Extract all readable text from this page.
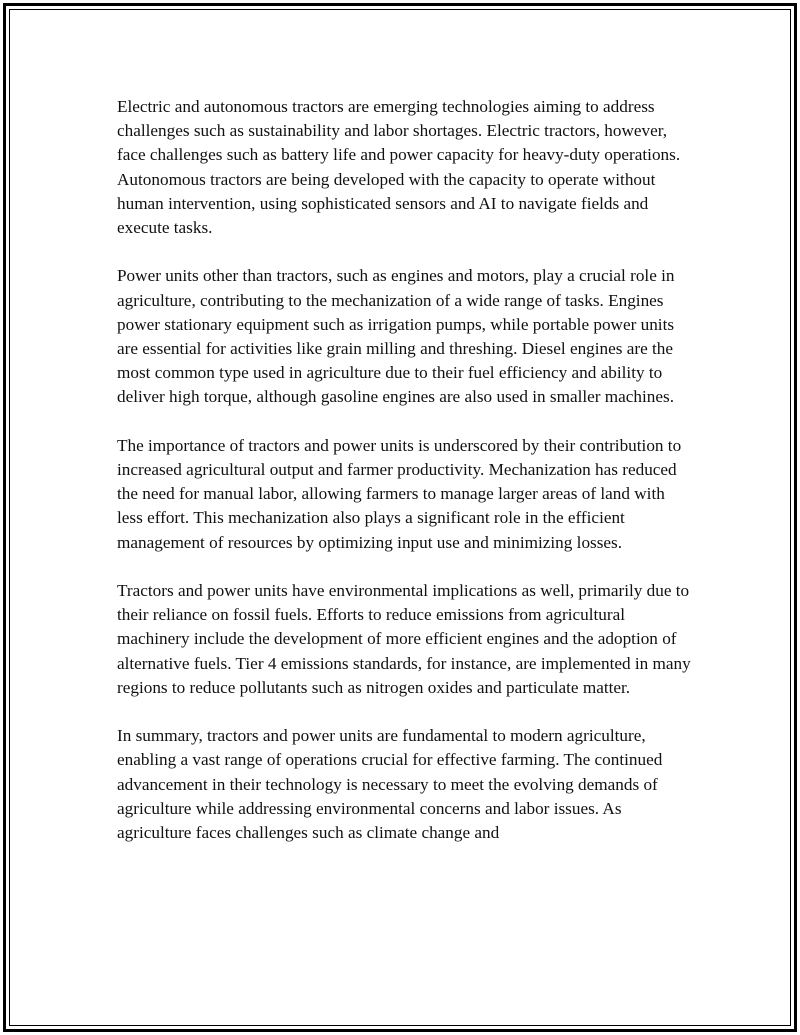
Electric and autonomous tractors are emerging technologies aiming to address challenges such as sustainability and labor shortages. Electric tractors, however, face challenges such as battery life and power capacity for heavy-duty operations. Autonomous tractors are being developed with the capacity to operate without human intervention, using sophisticated sensors and AI to navigate fields and execute tasks.

Power units other than tractors, such as engines and motors, play a crucial role in agriculture, contributing to the mechanization of a wide range of tasks. Engines power stationary equipment such as irrigation pumps, while portable power units are essential for activities like grain milling and threshing. Diesel engines are the most common type used in agriculture due to their fuel efficiency and ability to deliver high torque, although gasoline engines are also used in smaller machines.

The importance of tractors and power units is underscored by their contribution to increased agricultural output and farmer productivity. Mechanization has reduced the need for manual labor, allowing farmers to manage larger areas of land with less effort. This mechanization also plays a significant role in the efficient management of resources by optimizing input use and minimizing losses.

Tractors and power units have environmental implications as well, primarily due to their reliance on fossil fuels. Efforts to reduce emissions from agricultural machinery include the development of more efficient engines and the adoption of alternative fuels. Tier 4 emissions standards, for instance, are implemented in many regions to reduce pollutants such as nitrogen oxides and particulate matter.

In summary, tractors and power units are fundamental to modern agriculture, enabling a vast range of operations crucial for effective farming. The continued advancement in their technology is necessary to meet the evolving demands of agriculture while addressing environmental concerns and labor issues. As agriculture faces challenges such as climate change and
